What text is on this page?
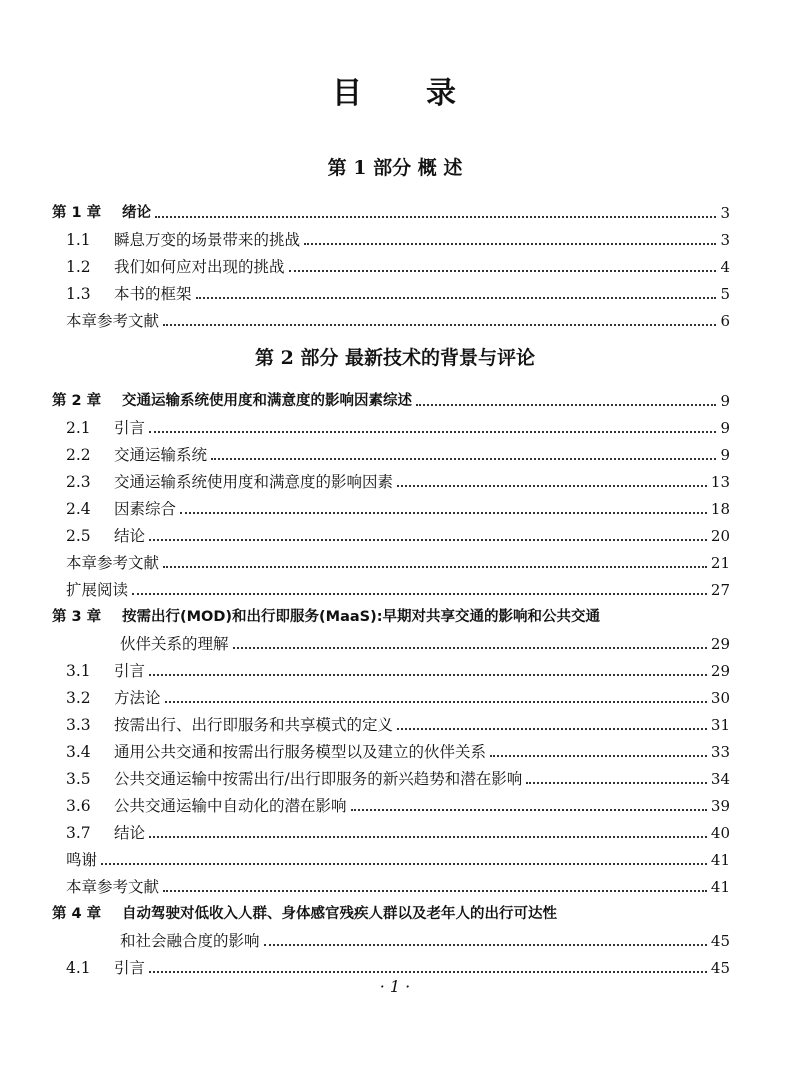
目 录
第 1 部分 概 述
第 2 部分 最新技术的背景与评论
第 1 章 绪论	3
1.1 瞬息万变的场景带来的挑战	3
1.2 我们如何应对出现的挑战	4
1.3 本书的框架	5
本章参考文献	6
第 2 章 交通运输系统使用度和满意度的影响因素综述	9
2.1 引言	9
2.2 交通运输系统	9
2.3 交通运输系统使用度和满意度的影响因素	13
2.4 因素综合	18
2.5 结论	20
本章参考文献	21
扩展阅读	27
第 3 章 按需出行(MOD)和出行即服务(MaaS):早期对共享交通的影响和公共交通
伙伴关系的理解	29
3.1 引言	29
3.2 方法论	30
3.3 按需出行、出行即服务和共享模式的定义	31
3.4 通用公共交通和按需出行服务模型以及建立的伙伴关系	33
3.5 公共交通运输中按需出行/出行即服务的新兴趋势和潜在影响	34
3.6 公共交通运输中自动化的潜在影响	39
3.7 结论	40
鸣谢	41
本章参考文献	41
第 4 章 自动驾驶对低收入人群、身体感官残疾人群以及老年人的出行可达性
和社会融合度的影响	45
4.1 引言	45
· 1 ·
